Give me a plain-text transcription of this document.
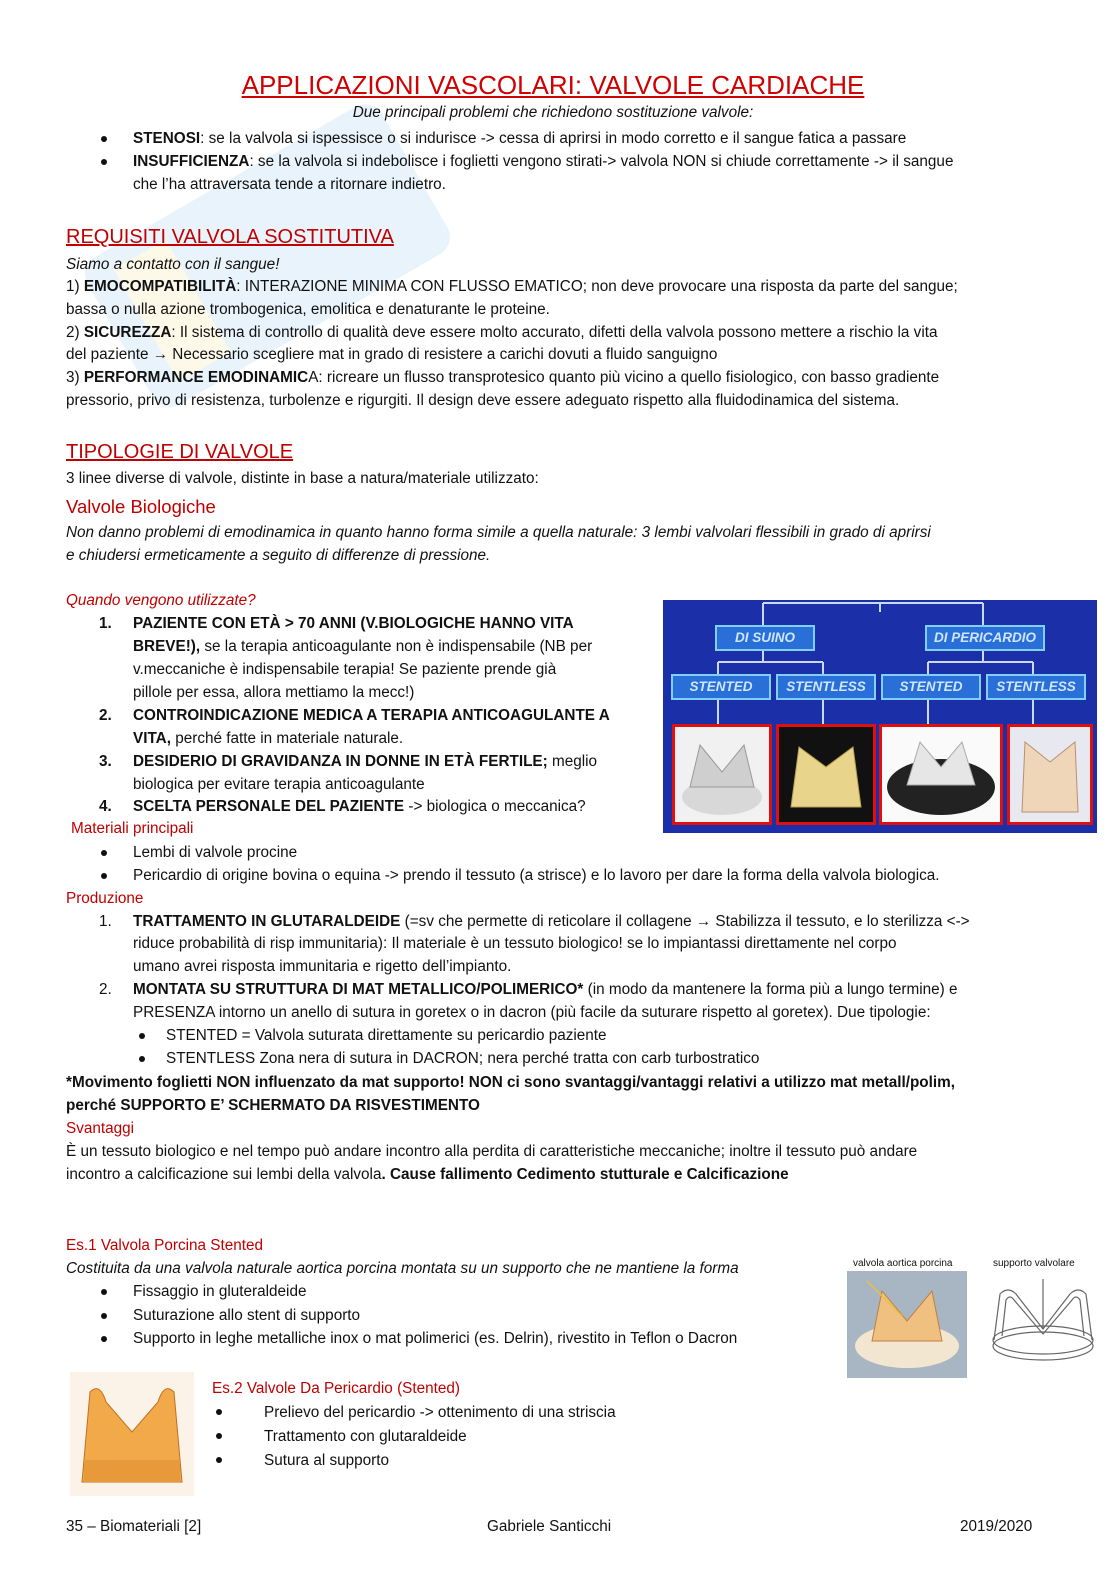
APPLICAZIONI VASCOLARI: VALVOLE CARDIACHE
Due principali problemi che richiedono sostituzione valvole:
STENOSI: se la valvola si ispessisce o si indurisce -> cessa di aprirsi in modo corretto e il sangue fatica a passare
INSUFFICIENZA: se la valvola si indebolisce i foglietti vengono stirati-> valvola NON si chiude correttamente -> il sangue
che l’ha attraversata tende a ritornare indietro.
REQUISITI VALVOLA SOSTITUTIVA
Siamo a contatto con il sangue!
1) EMOCOMPATIBILITÀ: INTERAZIONE MINIMA CON FLUSSO EMATICO; non deve provocare una risposta da parte del sangue;
bassa o nulla azione trombogenica, emolitica e denaturante le proteine.
2) SICUREZZA: Il sistema di controllo di qualità deve essere molto accurato, difetti della valvola possono mettere a rischio la vita
del paziente → Necessario scegliere mat in grado di resistere a carichi dovuti a fluido sanguigno
3) PERFORMANCE EMODINAMICA: ricreare un flusso transprotesico quanto più vicino a quello fisiologico, con basso gradiente
pressorio, privo di resistenza, turbolenze e rigurgiti. Il design deve essere adeguato rispetto alla fluidodinamica del sistema.
TIPOLOGIE DI VALVOLE
3 linee diverse di valvole, distinte in base a natura/materiale utilizzato:
Valvole Biologiche
Non danno problemi di emodinamica in quanto hanno forma simile a quella naturale: 3 lembi valvolari flessibili in grado di aprirsi
e chiudersi ermeticamente a seguito di differenze di pressione.
Quando vengono utilizzate?
1. PAZIENTE CON ETÀ > 70 ANNI (V.BIOLOGICHE HANNO VITA
BREVE!), se la terapia anticoagulante non è indispensabile (NB per
v.meccaniche è indispensabile terapia! Se paziente prende già
pillole per essa, allora mettiamo la mecc!)
2. CONTROINDICAZIONE MEDICA A TERAPIA ANTICOAGULANTE A
VITA, perché fatte in materiale naturale.
3. DESIDERIO DI GRAVIDANZA IN DONNE IN ETÀ FERTILE; meglio
biologica per evitare terapia anticoagulante
4. SCELTA PERSONALE DEL PAZIENTE -> biologica o meccanica?
DI SUINO	DI PERICARDIO
STENTED	STENTLESS	STENTED	STENTLESS
Materiali principali
Lembi di valvole procine
Pericardio di origine bovina o equina -> prendo il tessuto (a strisce) e lo lavoro per dare la forma della valvola biologica.
Produzione
1. TRATTAMENTO IN GLUTARALDEIDE (=sv che permette di reticolare il collagene → Stabilizza il tessuto, e lo sterilizza <->
riduce probabilità di risp immunitaria): Il materiale è un tessuto biologico! se lo impiantassi direttamente nel corpo
umano avrei risposta immunitaria e rigetto dell’impianto.
2. MONTATA SU STRUTTURA DI MAT METALLICO/POLIMERICO* (in modo da mantenere la forma più a lungo termine) e
PRESENZA intorno un anello di sutura in goretex o in dacron (più facile da suturare rispetto al goretex). Due tipologie:
STENTED = Valvola suturata direttamente su pericardio paziente
STENTLESS Zona nera di sutura in DACRON; nera perché tratta con carb turbostratico
*Movimento foglietti NON influenzato da mat supporto! NON ci sono svantaggi/vantaggi relativi a utilizzo mat metall/polim,
perché SUPPORTO E’ SCHERMATO DA RISVESTIMENTO
Svantaggi
È un tessuto biologico e nel tempo può andare incontro alla perdita di caratteristiche meccaniche; inoltre il tessuto può andare
incontro a calcificazione sui lembi della valvola. Cause fallimento Cedimento stutturale e Calcificazione
Es.1 Valvola Porcina Stented
Costituita da una valvola naturale aortica porcina montata su un supporto che ne mantiene la forma
Fissaggio in gluteraldeide
Suturazione allo stent di supporto
Supporto in leghe metalliche inox o mat polimerici (es. Delrin), rivestito in Teflon o Dacron
valvola aortica porcina	supporto valvolare
Es.2 Valvole Da Pericardio (Stented)
Prelievo del pericardio -> ottenimento di una striscia
Trattamento con glutaraldeide
Sutura al supporto
35 – Biomateriali [2]	Gabriele Santicchi	2019/2020
